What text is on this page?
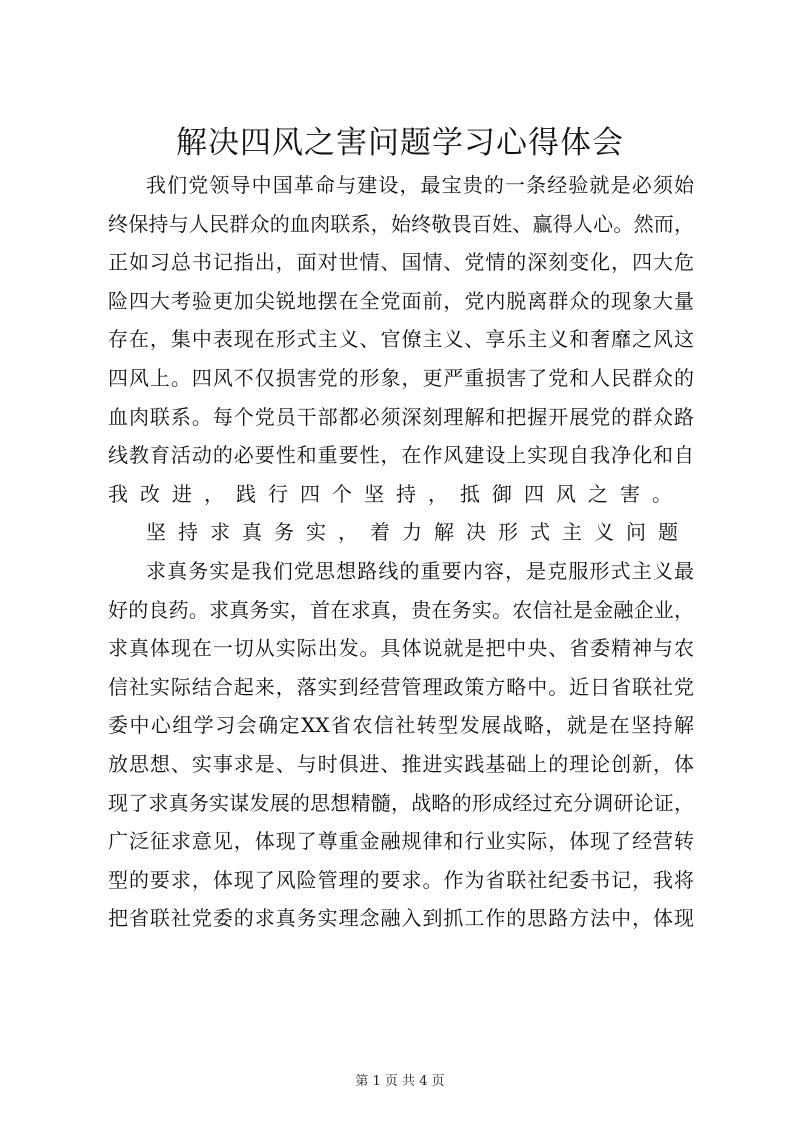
解决四风之害问题学习心得体会
我们党领导中国革命与建设，最宝贵的一条经验就是必须始
终保持与人民群众的血肉联系，始终敬畏百姓、赢得人心。然而，
正如习总书记指出，面对世情、国情、党情的深刻变化，四大危
险四大考验更加尖锐地摆在全党面前，党内脱离群众的现象大量
存在，集中表现在形式主义、官僚主义、享乐主义和奢靡之风这
四风上。四风不仅损害党的形象，更严重损害了党和人民群众的
血肉联系。每个党员干部都必须深刻理解和把握开展党的群众路
线教育活动的必要性和重要性，在作风建设上实现自我净化和自
我改进，践行四个坚持，抵御四风之害。
坚持求真务实，着力解决形式主义问题
求真务实是我们党思想路线的重要内容，是克服形式主义最
好的良药。求真务实，首在求真，贵在务实。农信社是金融企业，
求真体现在一切从实际出发。具体说就是把中央、省委精神与农
信社实际结合起来，落实到经营管理政策方略中。近日省联社党
委中心组学习会确定XX省农信社转型发展战略，就是在坚持解
放思想、实事求是、与时俱进、推进实践基础上的理论创新，体
现了求真务实谋发展的思想精髓，战略的形成经过充分调研论证，
广泛征求意见，体现了尊重金融规律和行业实际，体现了经营转
型的要求，体现了风险管理的要求。作为省联社纪委书记，我将
把省联社党委的求真务实理念融入到抓工作的思路方法中，体现
第 1 页 共 4 页
